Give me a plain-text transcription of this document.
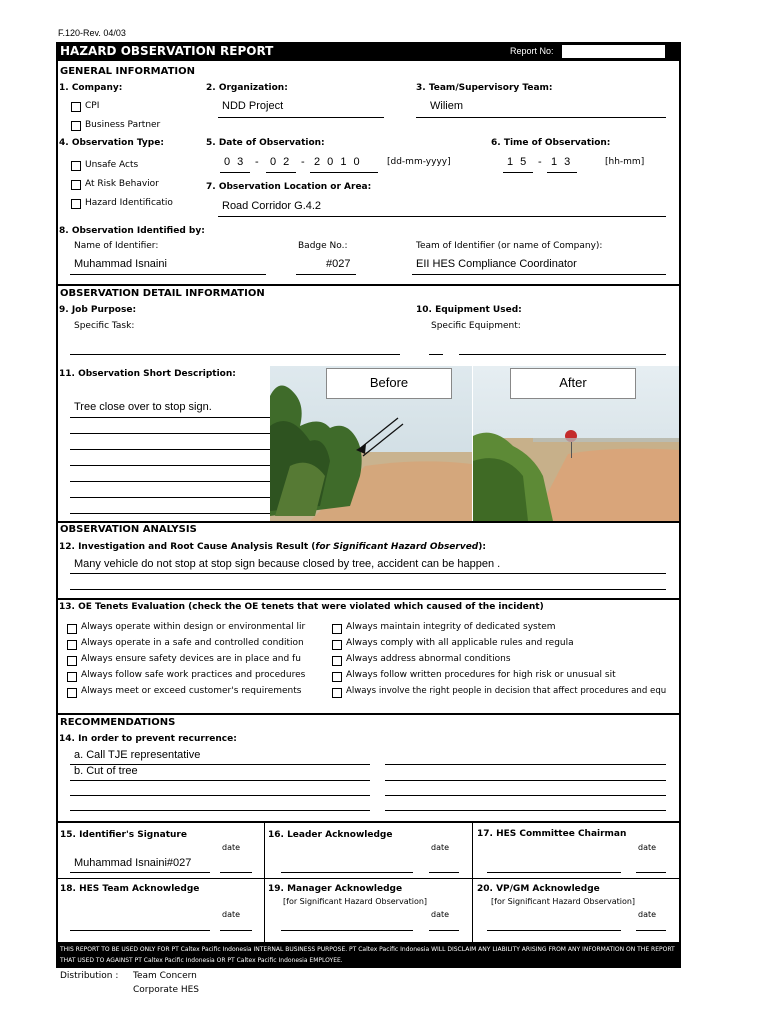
F.120-Rev. 04/03
HAZARD OBSERVATION REPORT	Report No:
GENERAL INFORMATION
1. Company:
CPI
Business Partner
2. Organization:
NDD Project
3. Team/Supervisory Team:
Wiliem
4. Observation Type:
Unsafe Acts
At Risk Behavior
Hazard Identificatio
5. Date of Observation:
0 3 - 0 2 - 2 0 1 0	[dd-mm-yyyy]
6. Time of Observation:
1 5 - 1 3	[hh-mm]
7. Observation Location or Area:
Road Corridor G.4.2
8. Observation Identified by:
Name of Identifier:
Muhammad Isnaini
Badge No.:
#027
Team of Identifier (or name of Company):
EII HES Compliance Coordinator
OBSERVATION DETAIL INFORMATION
9. Job Purpose:
Specific Task:
10. Equipment Used:
Specific Equipment:
11. Observation Short Description:
Tree close over to stop sign.
Before	After
OBSERVATION ANALYSIS
12. Investigation and Root Cause Analysis Result (for Significant Hazard Observed):
Many vehicle do not stop at stop sign because closed by tree, accident can be happen .
13. OE Tenets Evaluation (check the OE tenets that were violated which caused of the incident)
Always operate within design or environmental lir
Always operate in a safe and controlled condition
Always ensure safety devices are in place and fu
Always follow safe work practices and procedures
Always meet or exceed customer's requirements
Always maintain integrity of dedicated system
Always comply with all applicable rules and regula
Always address abnormal conditions
Always follow written procedures for high risk or unusual sit
Always involve the right people in decision that affect procedures and equ
RECOMMENDATIONS
14. In order to prevent recurrence:
a. Call TJE representative
b. Cut of tree
15. Identifier's Signature
date
Muhammad Isnaini#027
16. Leader Acknowledge
date
17. HES Committee Chairman
date
18. HES Team Acknowledge
date
19. Manager Acknowledge
[for Significant Hazard Observation]
date
20. VP/GM Acknowledge
[for Significant Hazard Observation]
date
THIS REPORT TO BE USED ONLY FOR PT Caltex Pacific Indonesia INTERNAL BUSINESS PURPOSE. PT Caltex Pacific Indonesia WILL DISCLAIM ANY LIABILITY ARISING FROM ANY INFORMATION ON THE REPORT THAT USED TO AGAINST PT Caltex Pacific Indonesia OR PT Caltex Pacific Indonesia EMPLOYEE.
Distribution : Team Concern
Corporate HES
